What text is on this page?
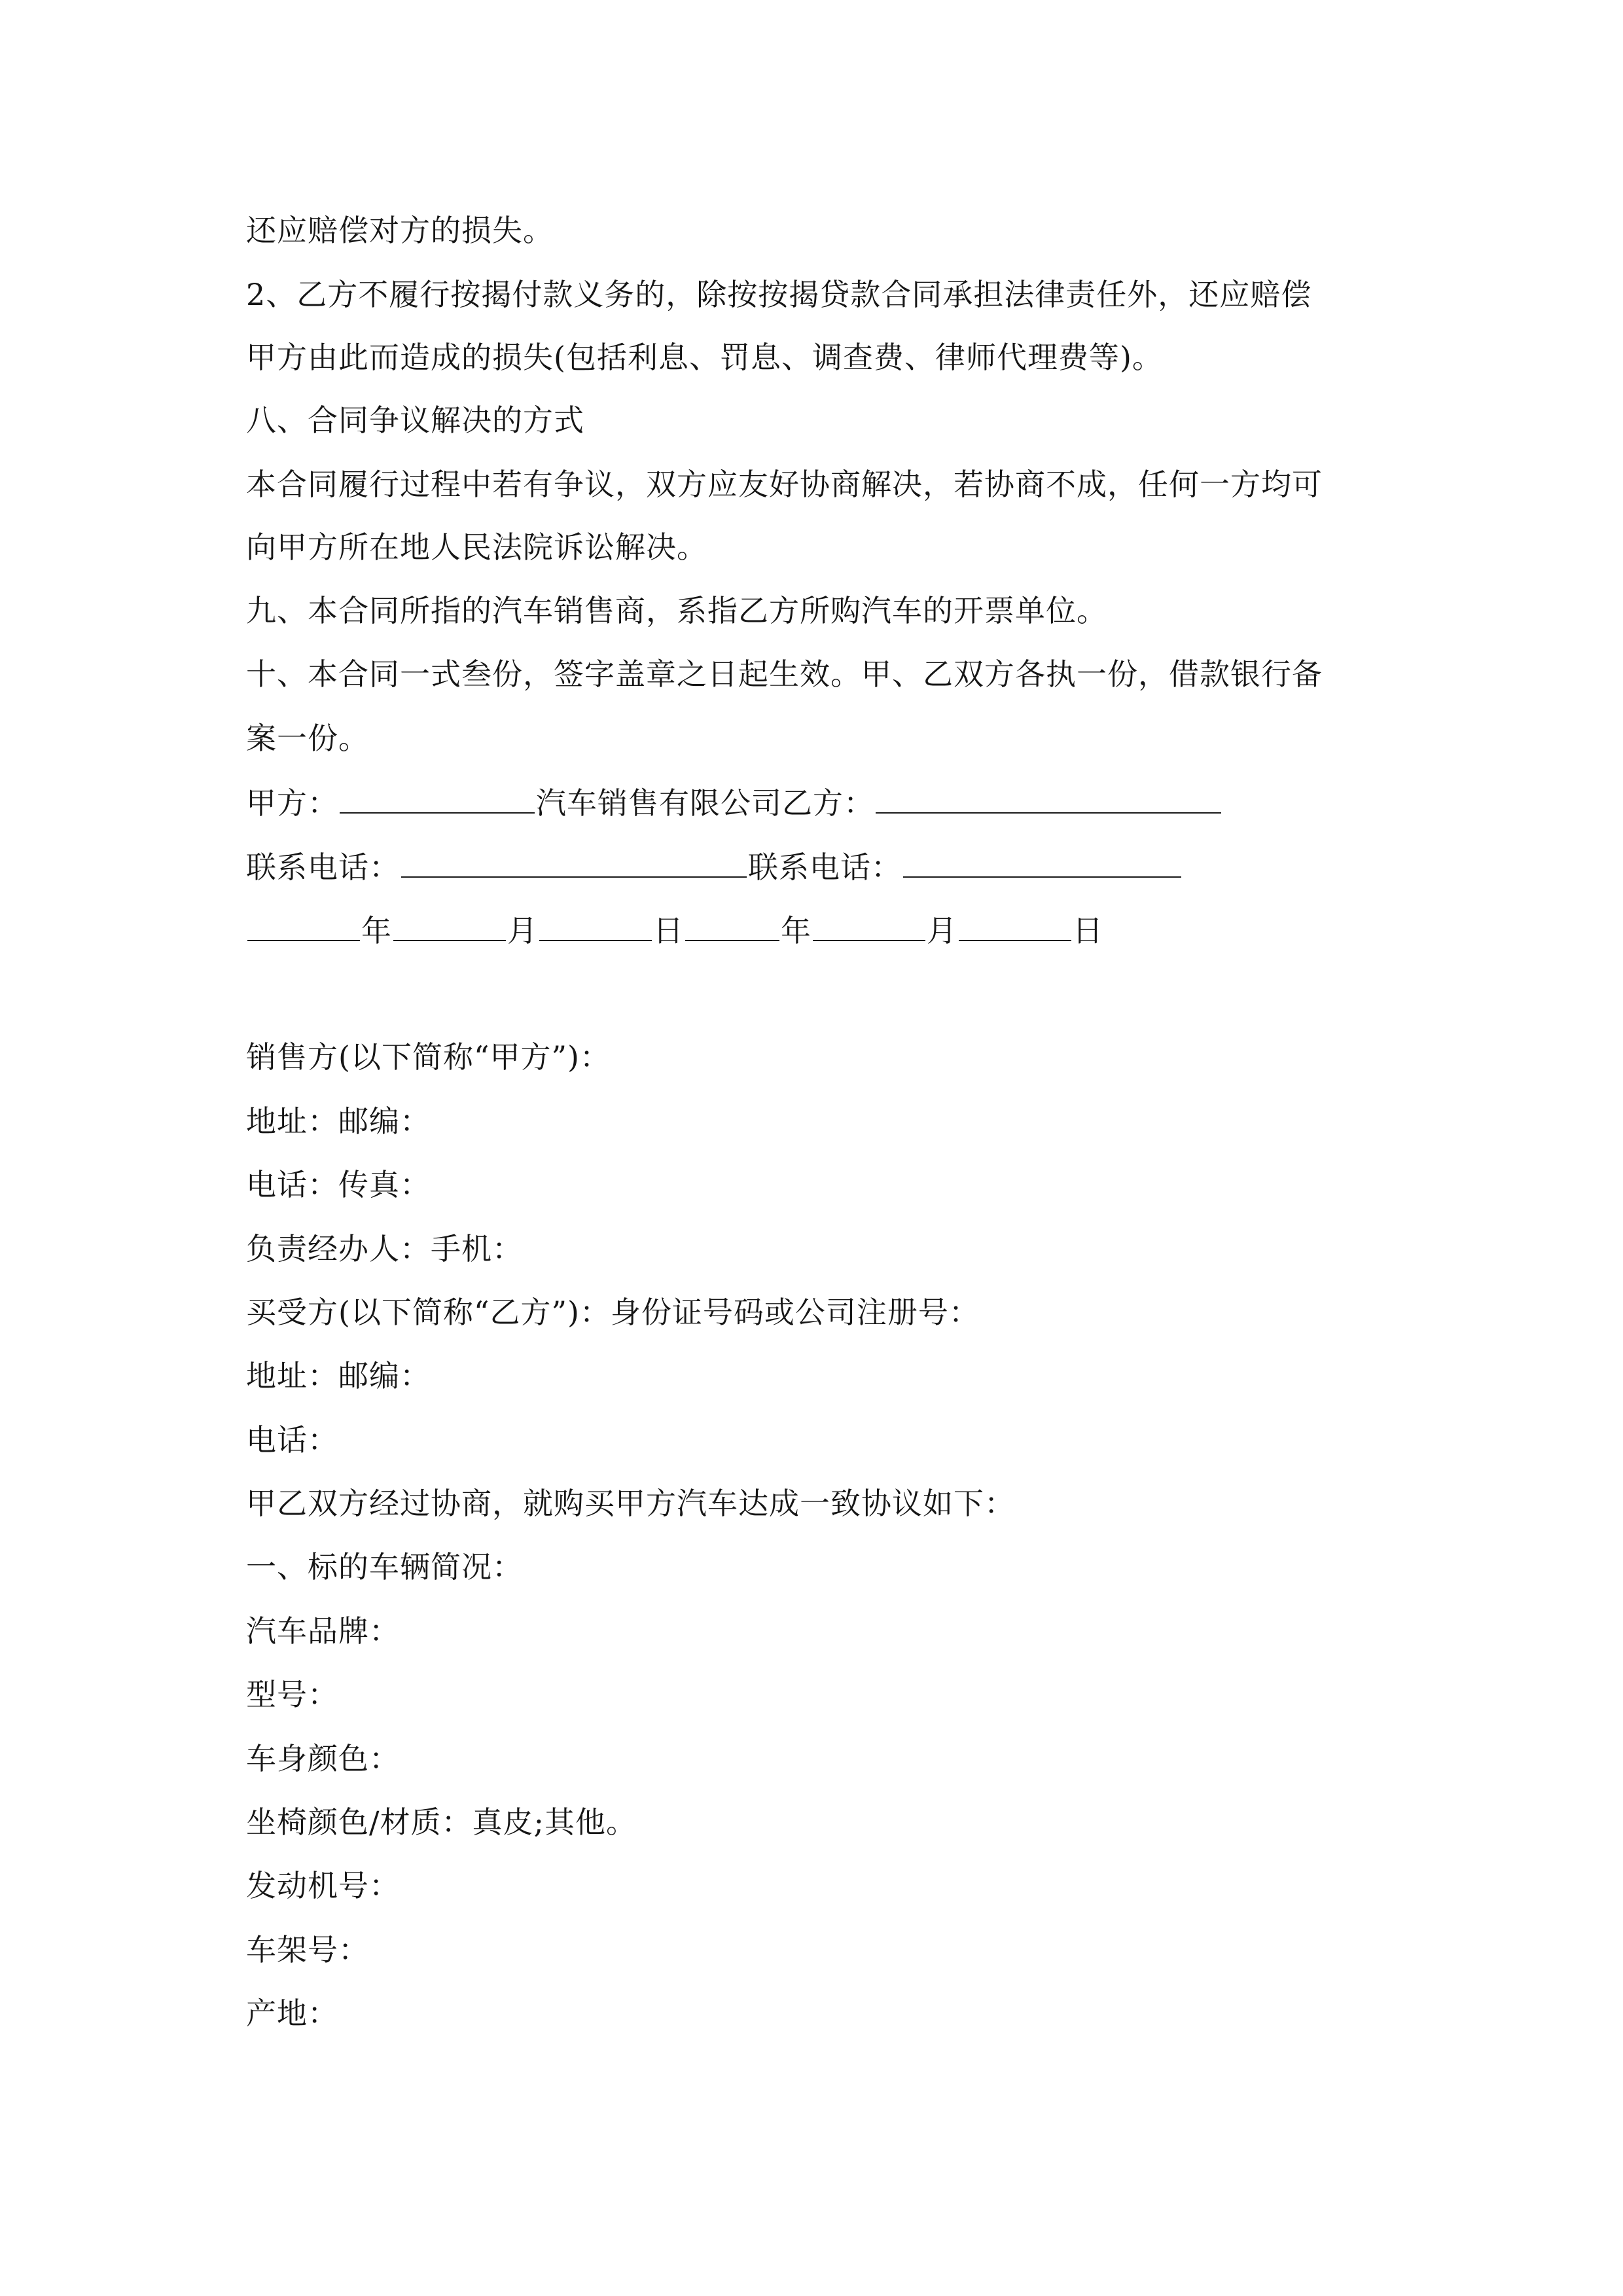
还应赔偿对方的损失。
2、乙方不履行按揭付款义务的，除按按揭贷款合同承担法律责任外，还应赔偿
甲方由此而造成的损失(包括利息、罚息、调查费、律师代理费等)。
八、合同争议解决的方式
本合同履行过程中若有争议，双方应友好协商解决，若协商不成，任何一方均可
向甲方所在地人民法院诉讼解决。
九、本合同所指的汽车销售商，系指乙方所购汽车的开票单位。
十、本合同一式叁份，签字盖章之日起生效。甲、乙双方各执一份，借款银行备
案一份。
甲方：	汽车销售有限公司乙方：
联系电话：	联系电话：
年	月	日	年	月	日
销售方(以下简称“甲方”)：
地址：邮编：
电话：传真：
负责经办人：手机：
买受方(以下简称“乙方”)：身份证号码或公司注册号：
地址：邮编：
电话：
甲乙双方经过协商，就购买甲方汽车达成一致协议如下：
一、标的车辆简况：
汽车品牌：
型号：
车身颜色：
坐椅颜色/材质：真皮;其他。
发动机号：
车架号：
产地：
